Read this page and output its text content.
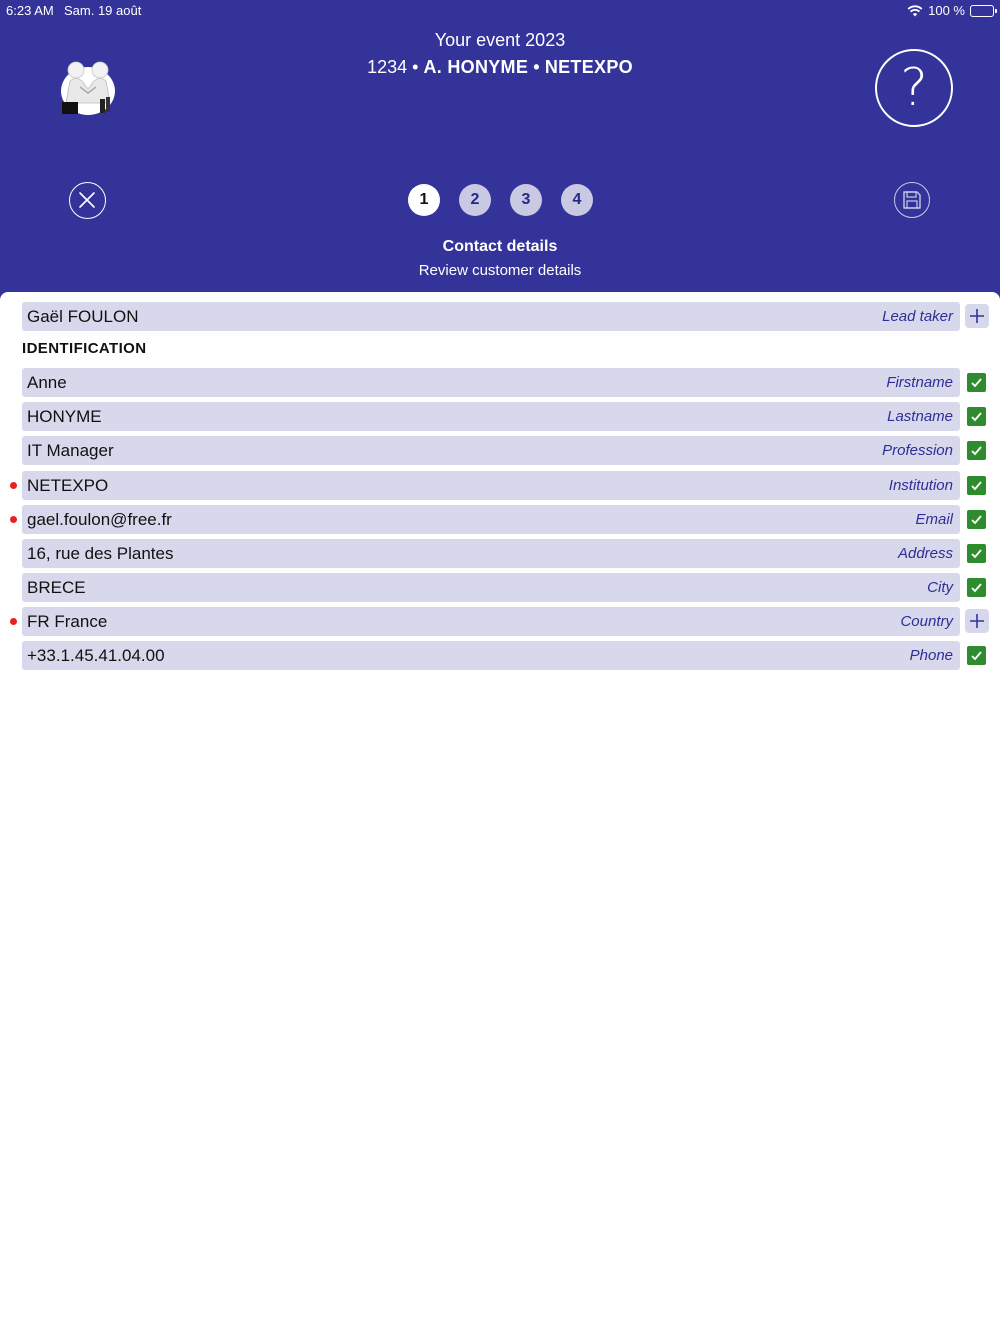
6:23 AM Sam. 19 août	100 %
Your event 2023
1234 • A. HONYME • NETEXPO	?
1	2	3	4
Contact details
Review customer details
Gaël FOULON	Lead taker
IDENTIFICATION
Anne	Firstname
HONYME	Lastname
IT Manager	Profession
NETEXPO	Institution
gael.foulon@free.fr	Email
16, rue des Plantes	Address
BRECE	City
FR France	Country
+33.1.45.41.04.00	Phone
